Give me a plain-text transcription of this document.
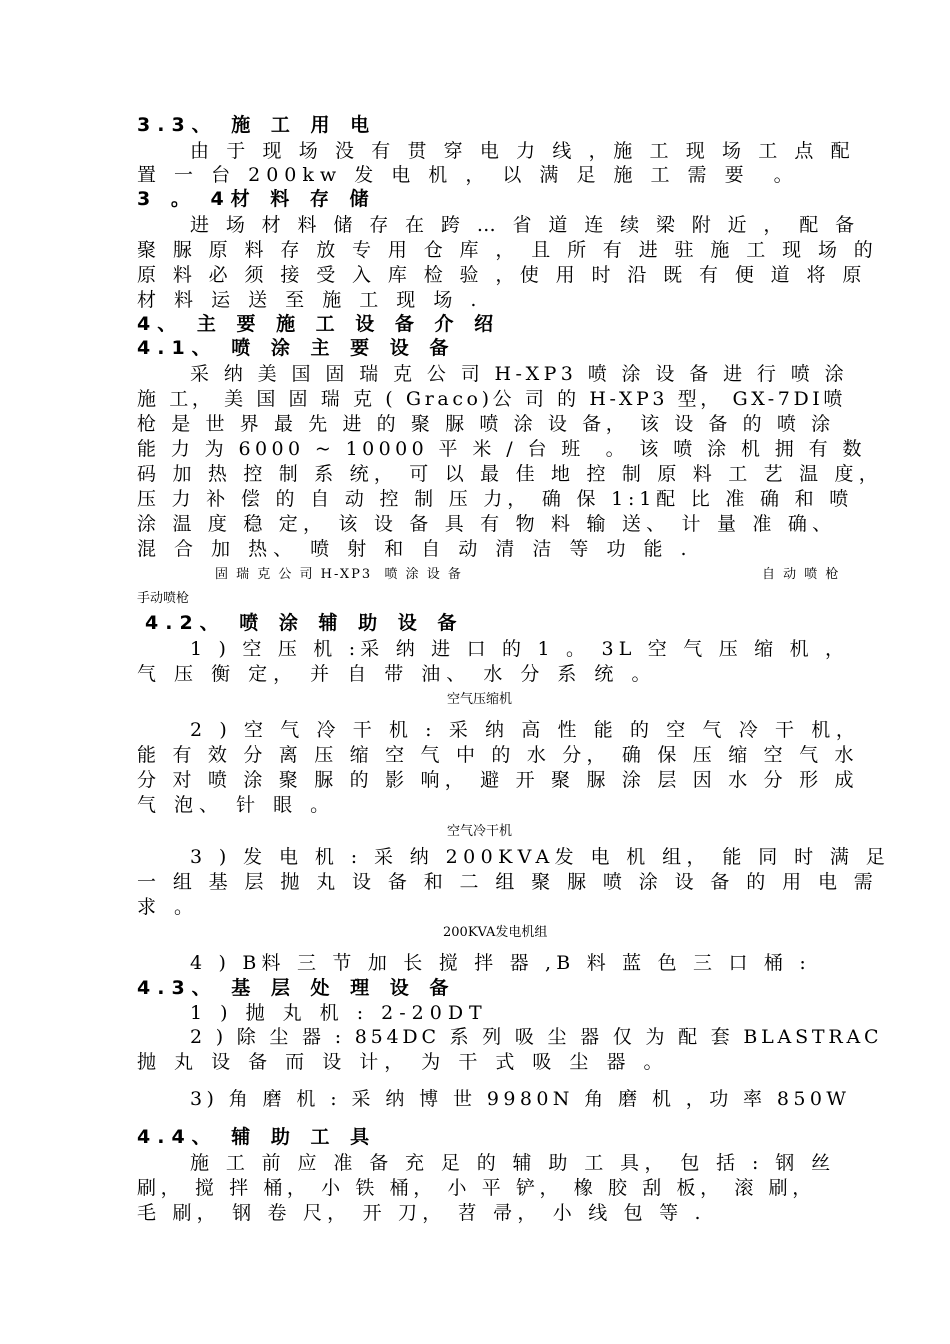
3.3、 施 工 用 电
由 于 现 场 没 有 贯 穿 电 力 线 ，施 工 现 场 工 点 配
置 一 台 200kw 发 电 机 ， 以 满 足 施 工 需 要  。
3 。 4材 料 存 储
进 场 材 料 储 存 在 跨 … 省 道 连 续 梁 附 近 ， 配 备
聚 脲 原 料 存 放 专 用 仓 库 ， 且 所 有 进 驻 施 工 现 场 的
原 料 必 须 接 受 入 库 检 验 ，使 用 时 沿 既 有 便 道 将 原
材 料 运 送 至 施 工 现 场 .
4、 主 要 施 工 设 备 介 绍
4.1、 喷 涂 主 要 设 备
采 纳 美 国 固 瑞 克 公 司 H-XP3 喷 涂 设 备 进 行 喷 涂
施 工， 美 国 固 瑞 克 ( Graco)公 司 的 H-XP3 型， GX-7DI喷
枪 是 世 界 最 先 进 的 聚 脲 喷 涂 设 备， 该 设 备 的 喷 涂
能 力 为 6000 ~ 10000 平 米 / 台 班  。 该 喷 涂 机 拥 有 数
码 加 热 控 制 系 统， 可 以 最 佳 地 控 制 原 料 工 艺 温 度，
压 力 补 偿 的 自 动 控 制 压 力， 确 保 1:1配 比 准 确 和 喷
涂 温 度 稳 定， 该 设 备 具 有 物 料 输 送、 计 量 准 确、
混 合 加 热、 喷 射 和 自 动 清 洁 等 功 能 .
固 瑞 克 公 司 H-XP3  喷 涂 设 备	自 动 喷 枪
手动喷枪
4.2、 喷 涂 辅 助 设 备
1 ) 空 压 机 :采 纳 进 口 的 1 。 3L 空 气 压 缩 机 ，
气 压 衡 定， 并 自 带 油、 水 分 系 统 。
空气压缩机
2 ) 空 气 冷 干 机 : 采 纳 高 性 能 的 空 气 冷 干 机，
能 有 效 分 离 压 缩 空 气 中 的 水 分， 确 保 压 缩 空 气 水
分 对 喷 涂 聚 脲 的 影 响， 避 开 聚 脲 涂 层 因 水 分 形 成
气 泡、 针 眼 。
空气冷干机
3 ) 发 电 机 : 采 纳 200KVA发 电 机 组， 能 同 时 满 足
一 组 基 层 抛 丸 设 备 和 二 组 聚 脲 喷 涂 设 备 的 用 电 需
求 。
200KVA发电机组
4 ) B料 三 节 加 长 搅 拌 器 ,B 料 蓝 色 三 口 桶 :
4.3、 基 层 处 理 设 备
1 ) 抛 丸 机 : 2-20DT
2 ) 除 尘 器 : 854DC 系 列 吸 尘 器 仅 为 配 套 BLASTRAC
抛 丸 设 备 而 设 计， 为 干 式 吸 尘 器 。
3) 角 磨 机 : 采 纳 博 世 9980N 角 磨 机 ，功 率 850W
4.4、 辅 助 工 具
施 工 前 应 准 备 充 足 的 辅 助 工 具， 包 括 : 钢 丝
刷， 搅 拌 桶， 小 铁 桶， 小 平 铲， 橡 胶 刮 板， 滚 刷，
毛 刷， 钢 卷 尺， 开 刀， 苕 帚， 小 线 包 等 .
